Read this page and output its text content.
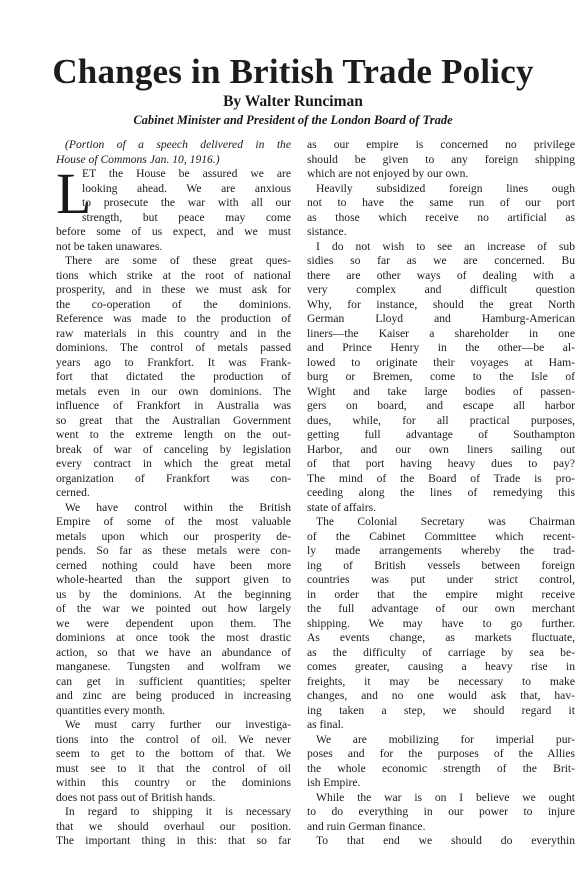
Changes in British Trade Policy
By Walter Runciman
Cabinet Minister and President of the London Board of Trade
(Portion of a speech delivered in the
House of Commons Jan. 10, 1916.)
L
ET the House be assured we are
looking ahead. We are anxious
to prosecute the war with all our
strength, but peace may come
before some of us expect, and we must
not be taken unawares.
There are some of these great ques-
tions which strike at the root of national
prosperity, and in these we must ask for
the co-operation of the dominions.
Reference was made to the production of
raw materials in this country and in the
dominions. The control of metals passed
years ago to Frankfort. It was Frank-
fort that dictated the production of
metals even in our own dominions. The
influence of Frankfort in Australia was
so great that the Australian Government
went to the extreme length on the out-
break of war of canceling by legislation
every contract in which the great metal
organization of Frankfort was con-
cerned.
We have control within the British
Empire of some of the most valuable
metals upon which our prosperity de-
pends. So far as these metals were con-
cerned nothing could have been more
whole-hearted than the support given to
us by the dominions. At the beginning
of the war we pointed out how largely
we were dependent upon them. The
dominions at once took the most drastic
action, so that we have an abundance of
manganese. Tungsten and wolfram we
can get in sufficient quantities; spelter
and zinc are being produced in increasing
quantities every month.
We must carry further our investiga-
tions into the control of oil. We never
seem to get to the bottom of that. We
must see to it that the control of oil
within this country or the dominions
does not pass out of British hands.
In regard to shipping it is necessary
that we should overhaul our position.
The important thing in this: that so far
as our empire is concerned no privilege
should be given to any foreign shipping
which are not enjoyed by our own.
Heavily subsidized foreign lines ough
not to have the same run of our port
as those which receive no artificial as
sistance.
I do not wish to see an increase of sub
sidies so far as we are concerned. Bu
there are other ways of dealing with a
very complex and difficult question
Why, for instance, should the great North
German Lloyd and Hamburg-American
liners—the Kaiser a shareholder in one
and Prince Henry in the other—be al-
lowed to originate their voyages at Ham-
burg or Bremen, come to the Isle of
Wight and take large bodies of passen-
gers on board, and escape all harbor
dues, while, for all practical purposes,
getting full advantage of Southampton
Harbor, and our own liners sailing out
of that port having heavy dues to pay?
The mind of the Board of Trade is pro-
ceeding along the lines of remedying this
state of affairs.
The Colonial Secretary was Chairman
of the Cabinet Committee which recent-
ly made arrangements whereby the trad-
ing of British vessels between foreign
countries was put under strict control,
in order that the empire might receive
the full advantage of our own merchant
shipping. We may have to go further.
As events change, as markets fluctuate,
as the difficulty of carriage by sea be-
comes greater, causing a heavy rise in
freights, it may be necessary to make
changes, and no one would ask that, hav-
ing taken a step, we should regard it
as final.
We are mobilizing for imperial pur-
poses and for the purposes of the Allies
the whole economic strength of the Brit-
ish Empire.
While the war is on I believe we ought
to do everything in our power to injure
and ruin German finance.
To that end we should do everythin
